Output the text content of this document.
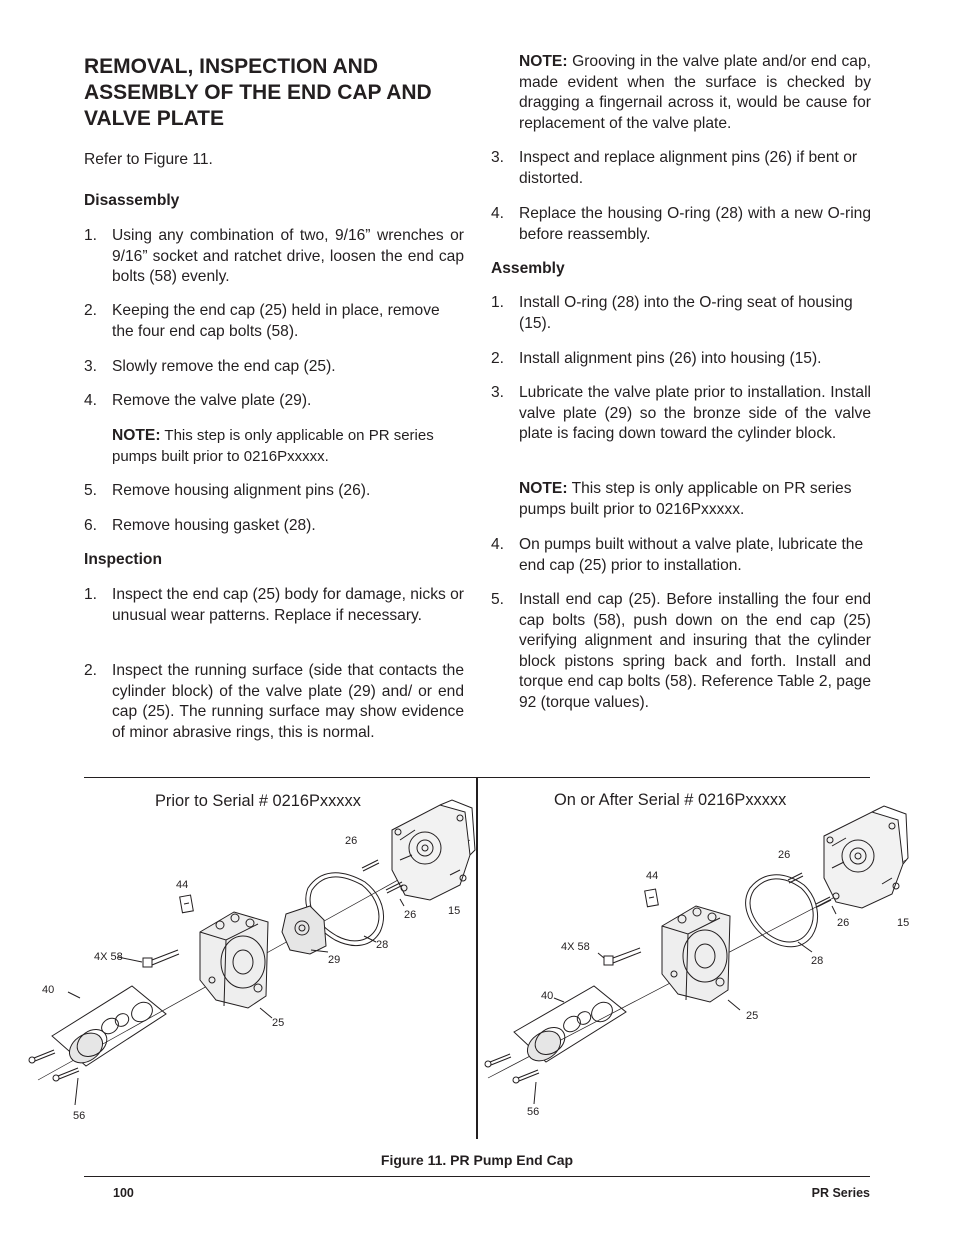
REMOVAL, INSPECTION AND ASSEMBLY OF THE END CAP AND VALVE PLATE
Refer to Figure 11.
Disassembly
1. Using any combination of two, 9/16” wrenches or 9/16” socket and ratchet drive, loosen the end cap bolts (58) evenly.
2. Keeping the end cap (25) held in place, remove the four end cap bolts (58).
3. Slowly remove the end cap (25).
4. Remove the valve plate (29).
NOTE: This step is only applicable on PR series pumps built prior to 0216Pxxxxx.
5. Remove housing alignment pins (26).
6. Remove housing gasket (28).
Inspection
1. Inspect the end cap (25) body for damage, nicks or unusual wear patterns. Replace if necessary.
2. Inspect the running surface (side that contacts the cylinder block) of the valve plate (29) and/ or end cap (25). The running surface may show evidence of minor abrasive rings, this is normal.
NOTE: Grooving in the valve plate and/or end cap, made evident when the surface is checked by dragging a fingernail across it, would be cause for replacement of the valve plate.
3. Inspect and replace alignment pins (26) if bent or distorted.
4. Replace the housing O-ring (28) with a new O-ring before reassembly.
Assembly
1. Install O-ring (28) into the O-ring seat of housing (15).
2. Install alignment pins (26) into housing (15).
3. Lubricate the valve plate prior to installation. Install valve plate (29) so the bronze side of the valve plate is facing down toward the cylinder block.
NOTE: This step is only applicable on PR series pumps built prior to 0216Pxxxxx.
4. On pumps built without a valve plate, lubricate the end cap (25) prior to installation.
5. Install end cap (25). Before installing the four end cap bolts (58), push down on the end cap (25) verifying alignment and insuring that the cylinder block pistons spring back and forth. Install and torque end cap bolts (58). Reference Table 2, page 92 (torque values).
Prior to Serial # 0216Pxxxxx	On or After Serial # 0216Pxxxxx
26
26	15
44
28
29
4X 58
40
25
56
26
26	15
44
28
4X 58
40
25
56
Figure 11. PR Pump End Cap
100	PR Series
